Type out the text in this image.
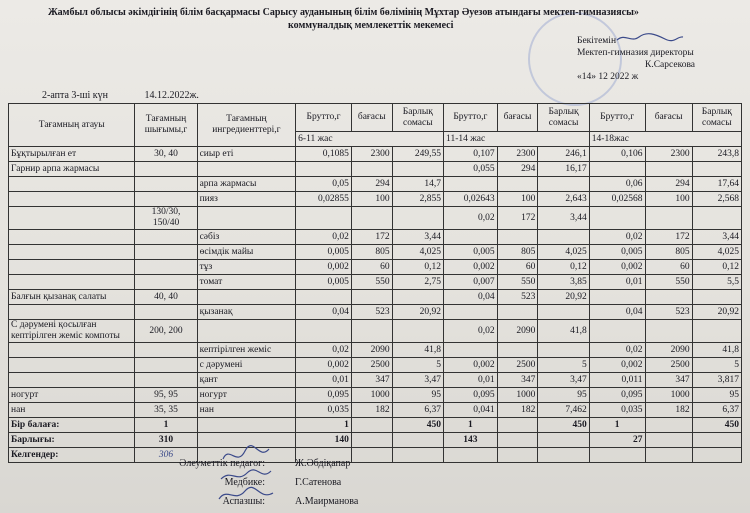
Жамбыл облысы әкімдігінің білім басқармасы Сарысу ауданының білім бөлімінің Мұхтар Әуезов атындағы мектеп-гимназиясы»
коммуналдық мемлекеттік мекемесі
Бекітемін
Мектеп-гимназия директоры
К.Сарсекова
«14» 12 2022 ж
2-апта 3-ші күн	14.12.2022ж.
Тағамның атауы	Тағамның шығымы,г	Тағамның ингредиенттері,г	Брутто,г	бағасы	Барлық сомасы	Брутто,г	бағасы	Барлық сомасы	Брутто,г	бағасы	Барлық сомасы
			6-11 жас			11-14 жас			14-18жас		
Бұқтырылған ет	30, 40	сиыр еті	0,1085	2300	249,55	0,107	2300	246,1	0,106	2300	243,8
Гарнир арпа жармасы						0,055	294	16,17			
		арпа жармасы	0,05	294	14,7				0,06	294	17,64
		пияз	0,02855	100	2,855	0,02643	100	2,643	0,02568	100	2,568
	130/30, 150/40					0,02	172	3,44			
		сәбіз	0,02	172	3,44				0,02	172	3,44
		өсімдік майы	0,005	805	4,025	0,005	805	4,025	0,005	805	4,025
		тұз	0,002	60	0,12	0,002	60	0,12	0,002	60	0,12
		томат	0,005	550	2,75	0,007	550	3,85	0,01	550	5,5
Балғын қызанақ салаты	40, 40					0,04	523	20,92			
		қызанақ	0,04	523	20,92				0,04	523	20,92
С дәрумені қосылған кептірілген жеміс компоты	200, 200					0,02	2090	41,8			
		кептірілген жеміс	0,02	2090	41,8				0,02	2090	41,8
		с дәрумені	0,002	2500	5	0,002	2500	5	0,002	2500	5
		қант	0,01	347	3,47	0,01	347	3,47	0,011	347	3,817
ногурт	95, 95	ногурт	0,095	1000	95	0,095	1000	95	0,095	1000	95
нан	35, 35	нан	0,035	182	6,37	0,041	182	7,462	0,035	182	6,37
Бір балаға:	1		1		450	1		450	1		450
Барлығы:	310		140			143			27		
Келгендер:	306										
Әлеуметтік педагог:	Ж.Әбдіқапар
Медбике:	Г.Сатенова
Аспазшы:	А.Маирманова
